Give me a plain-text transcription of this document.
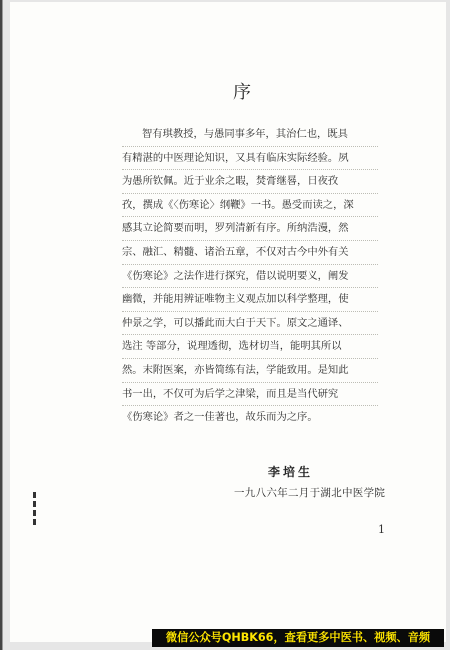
序
智有琪教授，与愚同事多年，其治仁也，既具
有精湛的中医理论知识，又具有临床实际经验。夙
为愚所钦佩。近于业余之暇，焚膏继晷，日夜孜
孜，撰成《〈伤寒论〉纲鞭》一书。愚受而读之，深
感其立论简要而明，罗列清新有序。所纳浩漫，然
宗、融汇、精髓、诸治五章，不仅对古今中外有关
《伤寒论》之法作进行探究，借以说明要义，阐发
幽微，并能用辨证唯物主义观点加以科学整理，使
仲景之学，可以播此而大白于天下。原文之通译、
选注 等部分，说理透彻，选材切当，能明其所以
然。末附医案，亦皆简练有法，学能致用。是知此
书一出，不仅可为后学之津梁，而且是当代研究
《伤寒论》者之一佳著也，故乐而为之序。
李培生
一九八六年二月于湖北中医学院
1
微信公众号QHBK66，查看更多中医书、视频、音频
